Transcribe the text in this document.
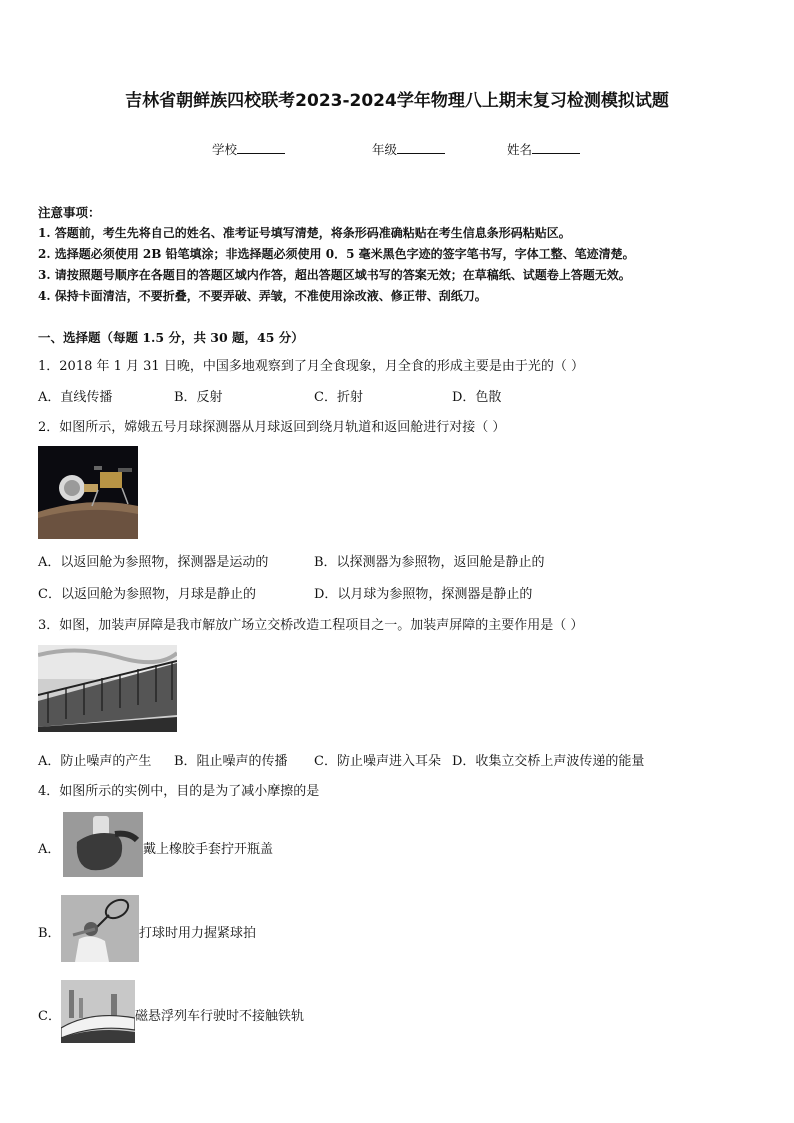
吉林省朝鲜族四校联考2023-2024学年物理八上期末复习检测模拟试题
学校	年级	姓名
注意事项：
1. 答题前，考生先将自己的姓名、准考证号填写清楚，将条形码准确粘贴在考生信息条形码粘贴区。
2. 选择题必须使用 2B 铅笔填涂；非选择题必须使用 0．5 毫米黑色字迹的签字笔书写，字体工整、笔迹清楚。
3. 请按照题号顺序在各题目的答题区域内作答，超出答题区域书写的答案无效；在草稿纸、试题卷上答题无效。
4. 保持卡面清洁，不要折叠，不要弄破、弄皱，不准使用涂改液、修正带、刮纸刀。
一、选择题（每题 1.5 分，共 30 题，45 分）
1．2018 年 1 月 31 日晚，中国多地观察到了月全食现象，月全食的形成主要是由于光的（ ）
A．直线传播	B．反射	C．折射	D．色散
2．如图所示，嫦娥五号月球探测器从月球返回到绕月轨道和返回舱进行对接（ ）
A．以返回舱为参照物，探测器是运动的	B．以探测器为参照物，返回舱是静止的
C．以返回舱为参照物，月球是静止的	D．以月球为参照物，探测器是静止的
3．如图，加装声屏障是我市解放广场立交桥改造工程项目之一。加装声屏障的主要作用是（ ）
A．防止噪声的产生 B．阻止噪声的传播 C．防止噪声进入耳朵 D．收集立交桥上声波传递的能量
4．如图所示的实例中，目的是为了减小摩擦的是
A．	戴上橡胶手套拧开瓶盖
B．	打球时用力握紧球拍
C．	磁悬浮列车行驶时不接触铁轨
